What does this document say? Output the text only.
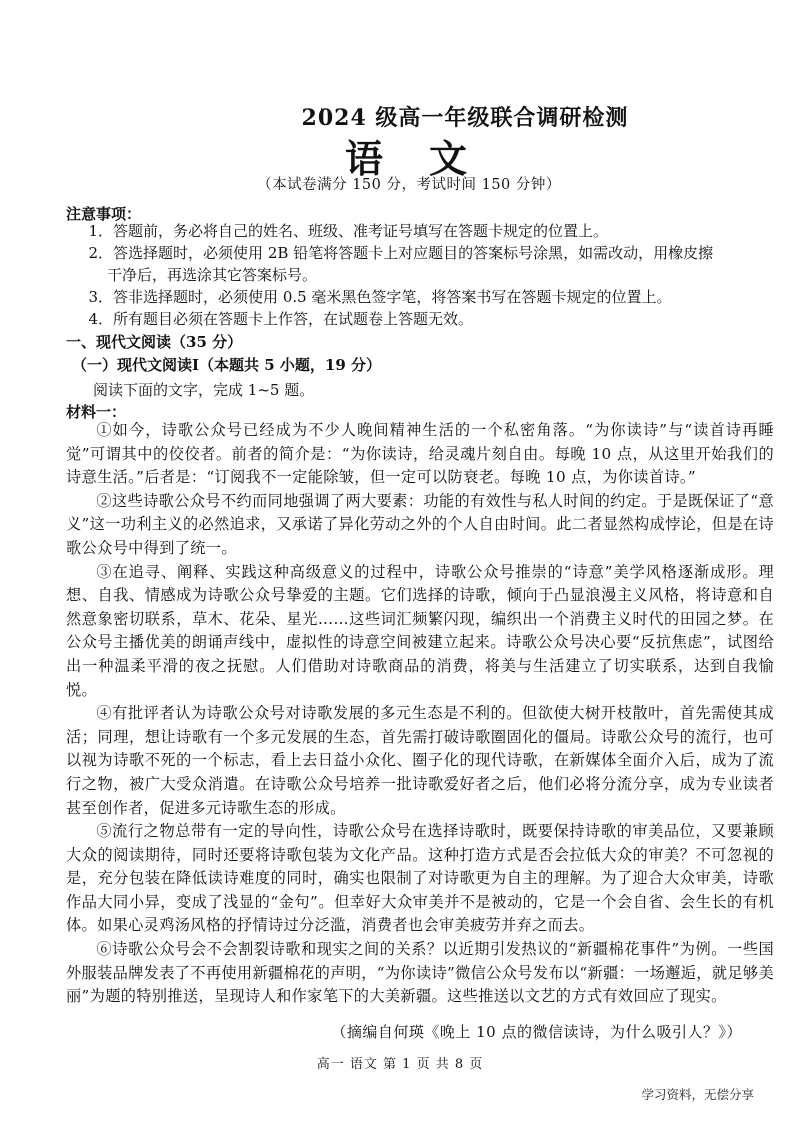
2024 级高一年级联合调研检测
语文
（本试卷满分 150 分，考试时间 150 分钟）
注意事项：
1．答题前，务必将自己的姓名、班级、准考证号填写在答题卡规定的位置上。
2．答选择题时，必须使用 2B 铅笔将答题卡上对应题目的答案标号涂黑，如需改动，用橡皮擦
干净后，再选涂其它答案标号。
3．答非选择题时，必须使用 0.5 毫米黑色签字笔，将答案书写在答题卡规定的位置上。
4．所有题目必须在答题卡上作答，在试题卷上答题无效。
一、现代文阅读（35 分）
（一）现代文阅读Ⅰ（本题共 5 小题，19 分）
阅读下面的文字，完成 1~5 题。
材料一：

①如今，诗歌公众号已经成为不少人晚间精神生活的一个私密角落。“为你读诗”与“读首诗再睡觉”可谓其中的佼佼者。前者的简介是：“为你读诗，给灵魂片刻自由。每晚 10 点，从这里开始我们的诗意生活。”后者是：“订阅我不一定能除皱，但一定可以防衰老。每晚 10 点，为你读首诗。”

②这些诗歌公众号不约而同地强调了两大要素：功能的有效性与私人时间的约定。于是既保证了“意义”这一功利主义的必然追求，又承诺了异化劳动之外的个人自由时间。此二者显然构成悖论，但是在诗歌公众号中得到了统一。

③在追寻、阐释、实践这种高级意义的过程中，诗歌公众号推崇的“诗意”美学风格逐渐成形。理想、自我、情感成为诗歌公众号挚爱的主题。它们选择的诗歌，倾向于凸显浪漫主义风格，将诗意和自然意象密切联系，草木、花朵、星光……这些词汇频繁闪现，编织出一个消费主义时代的田园之梦。在公众号主播优美的朗诵声线中，虚拟性的诗意空间被建立起来。诗歌公众号决心要“反抗焦虑”，试图给出一种温柔平滑的夜之抚慰。人们借助对诗歌商品的消费，将美与生活建立了切实联系，达到自我愉悦。

④有批评者认为诗歌公众号对诗歌发展的多元生态是不利的。但欲使大树开枝散叶，首先需使其成活；同理，想让诗歌有一个多元发展的生态，首先需打破诗歌圈固化的僵局。诗歌公众号的流行，也可以视为诗歌不死的一个标志，看上去日益小众化、圈子化的现代诗歌，在新媒体全面介入后，成为了流行之物，被广大受众消遣。在诗歌公众号培养一批诗歌爱好者之后，他们必将分流分享，成为专业读者甚至创作者，促进多元诗歌生态的形成。

⑤流行之物总带有一定的导向性，诗歌公众号在选择诗歌时，既要保持诗歌的审美品位，又要兼顾大众的阅读期待，同时还要将诗歌包装为文化产品。这种打造方式是否会拉低大众的审美？不可忽视的是，充分包装在降低读诗难度的同时，确实也限制了对诗歌更为自主的理解。为了迎合大众审美，诗歌作品大同小异，变成了浅显的“金句”。但幸好大众审美并不是被动的，它是一个会自省、会生长的有机体。如果心灵鸡汤风格的抒情诗过分泛滥，消费者也会审美疲劳并弃之而去。

⑥诗歌公众号会不会割裂诗歌和现实之间的关系？以近期引发热议的“新疆棉花事件”为例。一些国外服装品牌发表了不再使用新疆棉花的声明，“为你读诗”微信公众号发布以“新疆：一场邂逅，就足够美丽”为题的特别推送，呈现诗人和作家笔下的大美新疆。这些推送以文艺的方式有效回应了现实。

（摘编自何瑛《晚上 10 点的微信读诗，为什么吸引人？》）
高一 语文 第 1 页 共 8 页
学习资料，无偿分享
